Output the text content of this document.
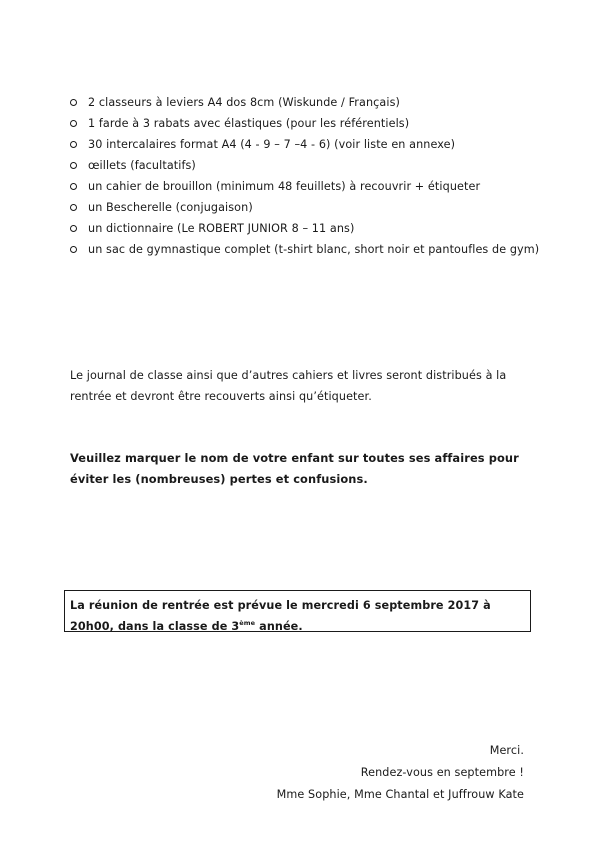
2 classeurs à leviers A4 dos 8cm (Wiskunde / Français)
1 farde à 3 rabats avec élastiques (pour les référentiels)
30 intercalaires format A4 (4 - 9 – 7 –4 - 6) (voir liste en annexe)
œillets (facultatifs)
un cahier de brouillon (minimum 48 feuillets) à recouvrir + étiqueter
un Bescherelle (conjugaison)
un dictionnaire (Le ROBERT JUNIOR 8 – 11 ans)
un sac de gymnastique complet (t-shirt blanc, short noir et pantoufles de gym)

Le journal de classe ainsi que d’autres cahiers et livres seront distribués à la rentrée et devront être recouverts ainsi qu’étiqueter.

Veuillez marquer le nom de votre enfant sur toutes ses affaires pour éviter les (nombreuses) pertes et confusions.

La réunion de rentrée est prévue le mercredi 6 septembre 2017 à 20h00, dans la classe de 3ème année.
Merci.
Rendez-vous en septembre !
Mme Sophie, Mme Chantal et Juffrouw Kate
